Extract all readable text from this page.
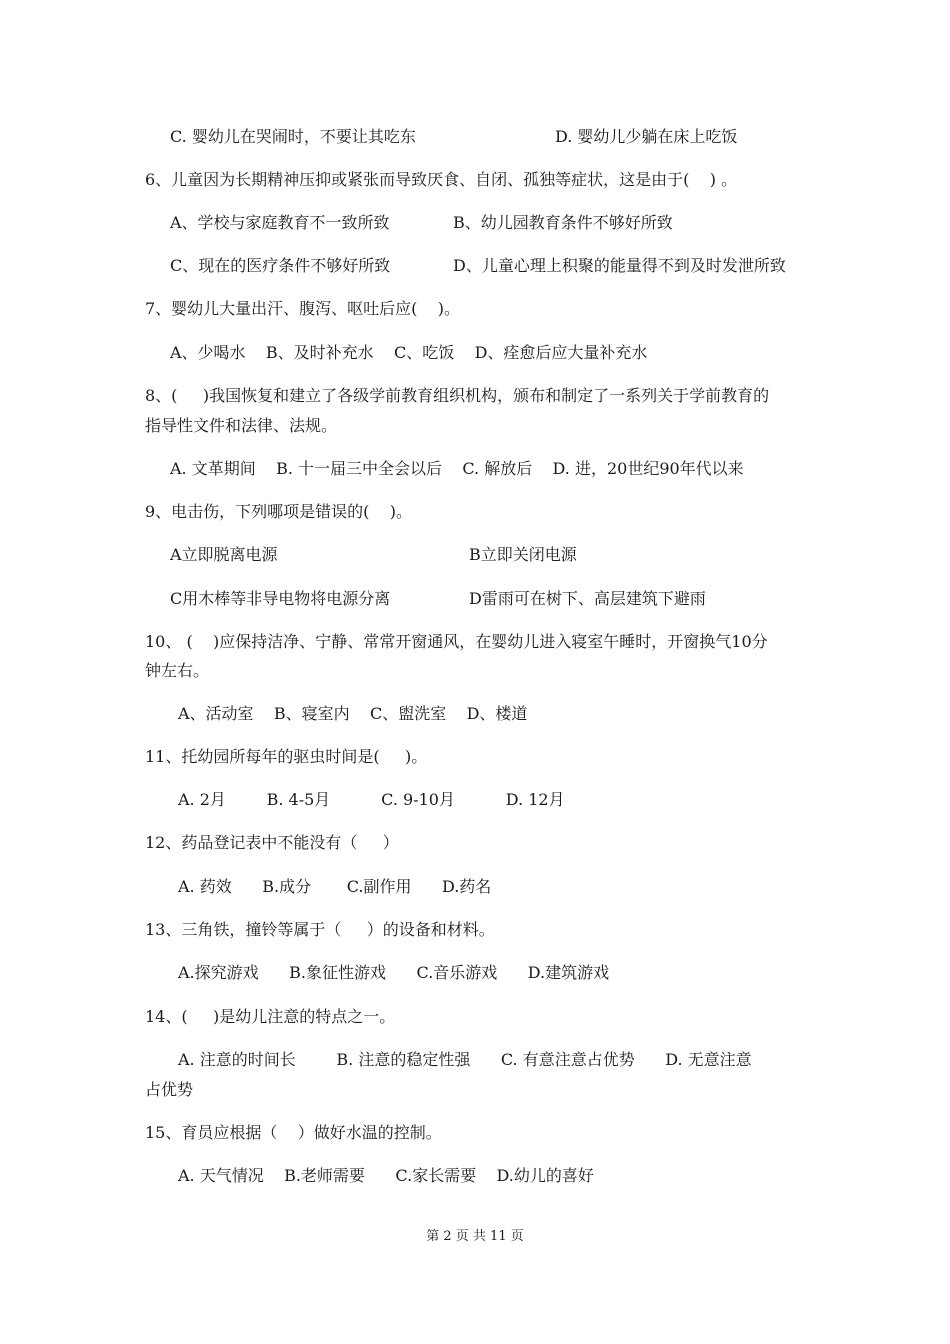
C. 婴幼儿在哭闹时，不要让其吃东	D. 婴幼儿少躺在床上吃饭
6、儿童因为长期精神压抑或紧张而导致厌食、自闭、孤独等症状，这是由于(    ) 。
A、学校与家庭教育不一致所致	B、幼儿园教育条件不够好所致
C、现在的医疗条件不够好所致	D、儿童心理上积聚的能量得不到及时发泄所致
7、婴幼儿大量出汗、腹泻、呕吐后应(    )。
A、少喝水    B、及时补充水    C、吃饭    D、痊愈后应大量补充水
8、(     )我国恢复和建立了各级学前教育组织机构，颁布和制定了一系列关于学前教育的
指导性文件和法律、法规。
A. 文革期间    B. 十一届三中全会以后    C. 解放后    D. 进，20世纪90年代以来
9、电击伤，下列哪项是错误的(    )。
A立即脱离电源	B立即关闭电源
C用木棒等非导电物将电源分离	D雷雨可在树下、高层建筑下避雨
10、 (    )应保持洁净、宁静、常常开窗通风，在婴幼儿进入寝室午睡时，开窗换气10分
钟左右。
A、活动室    B、寝室内    C、盥洗室    D、楼道
11、托幼园所每年的驱虫时间是(     )。
A. 2月        B. 4-5月          C. 9-10月          D. 12月
12、药品登记表中不能没有（     ）
A. 药效      B.成分       C.副作用      D.药名
13、三角铁，撞铃等属于（     ）的设备和材料。
A.探究游戏      B.象征性游戏      C.音乐游戏      D.建筑游戏
14、(     )是幼儿注意的特点之一。
A. 注意的时间长        B. 注意的稳定性强      C. 有意注意占优势      D. 无意注意
占优势
15、育员应根据（    ）做好水温的控制。
A. 天气情况    B.老师需要      C.家长需要    D.幼儿的喜好
第 2 页 共 11 页
